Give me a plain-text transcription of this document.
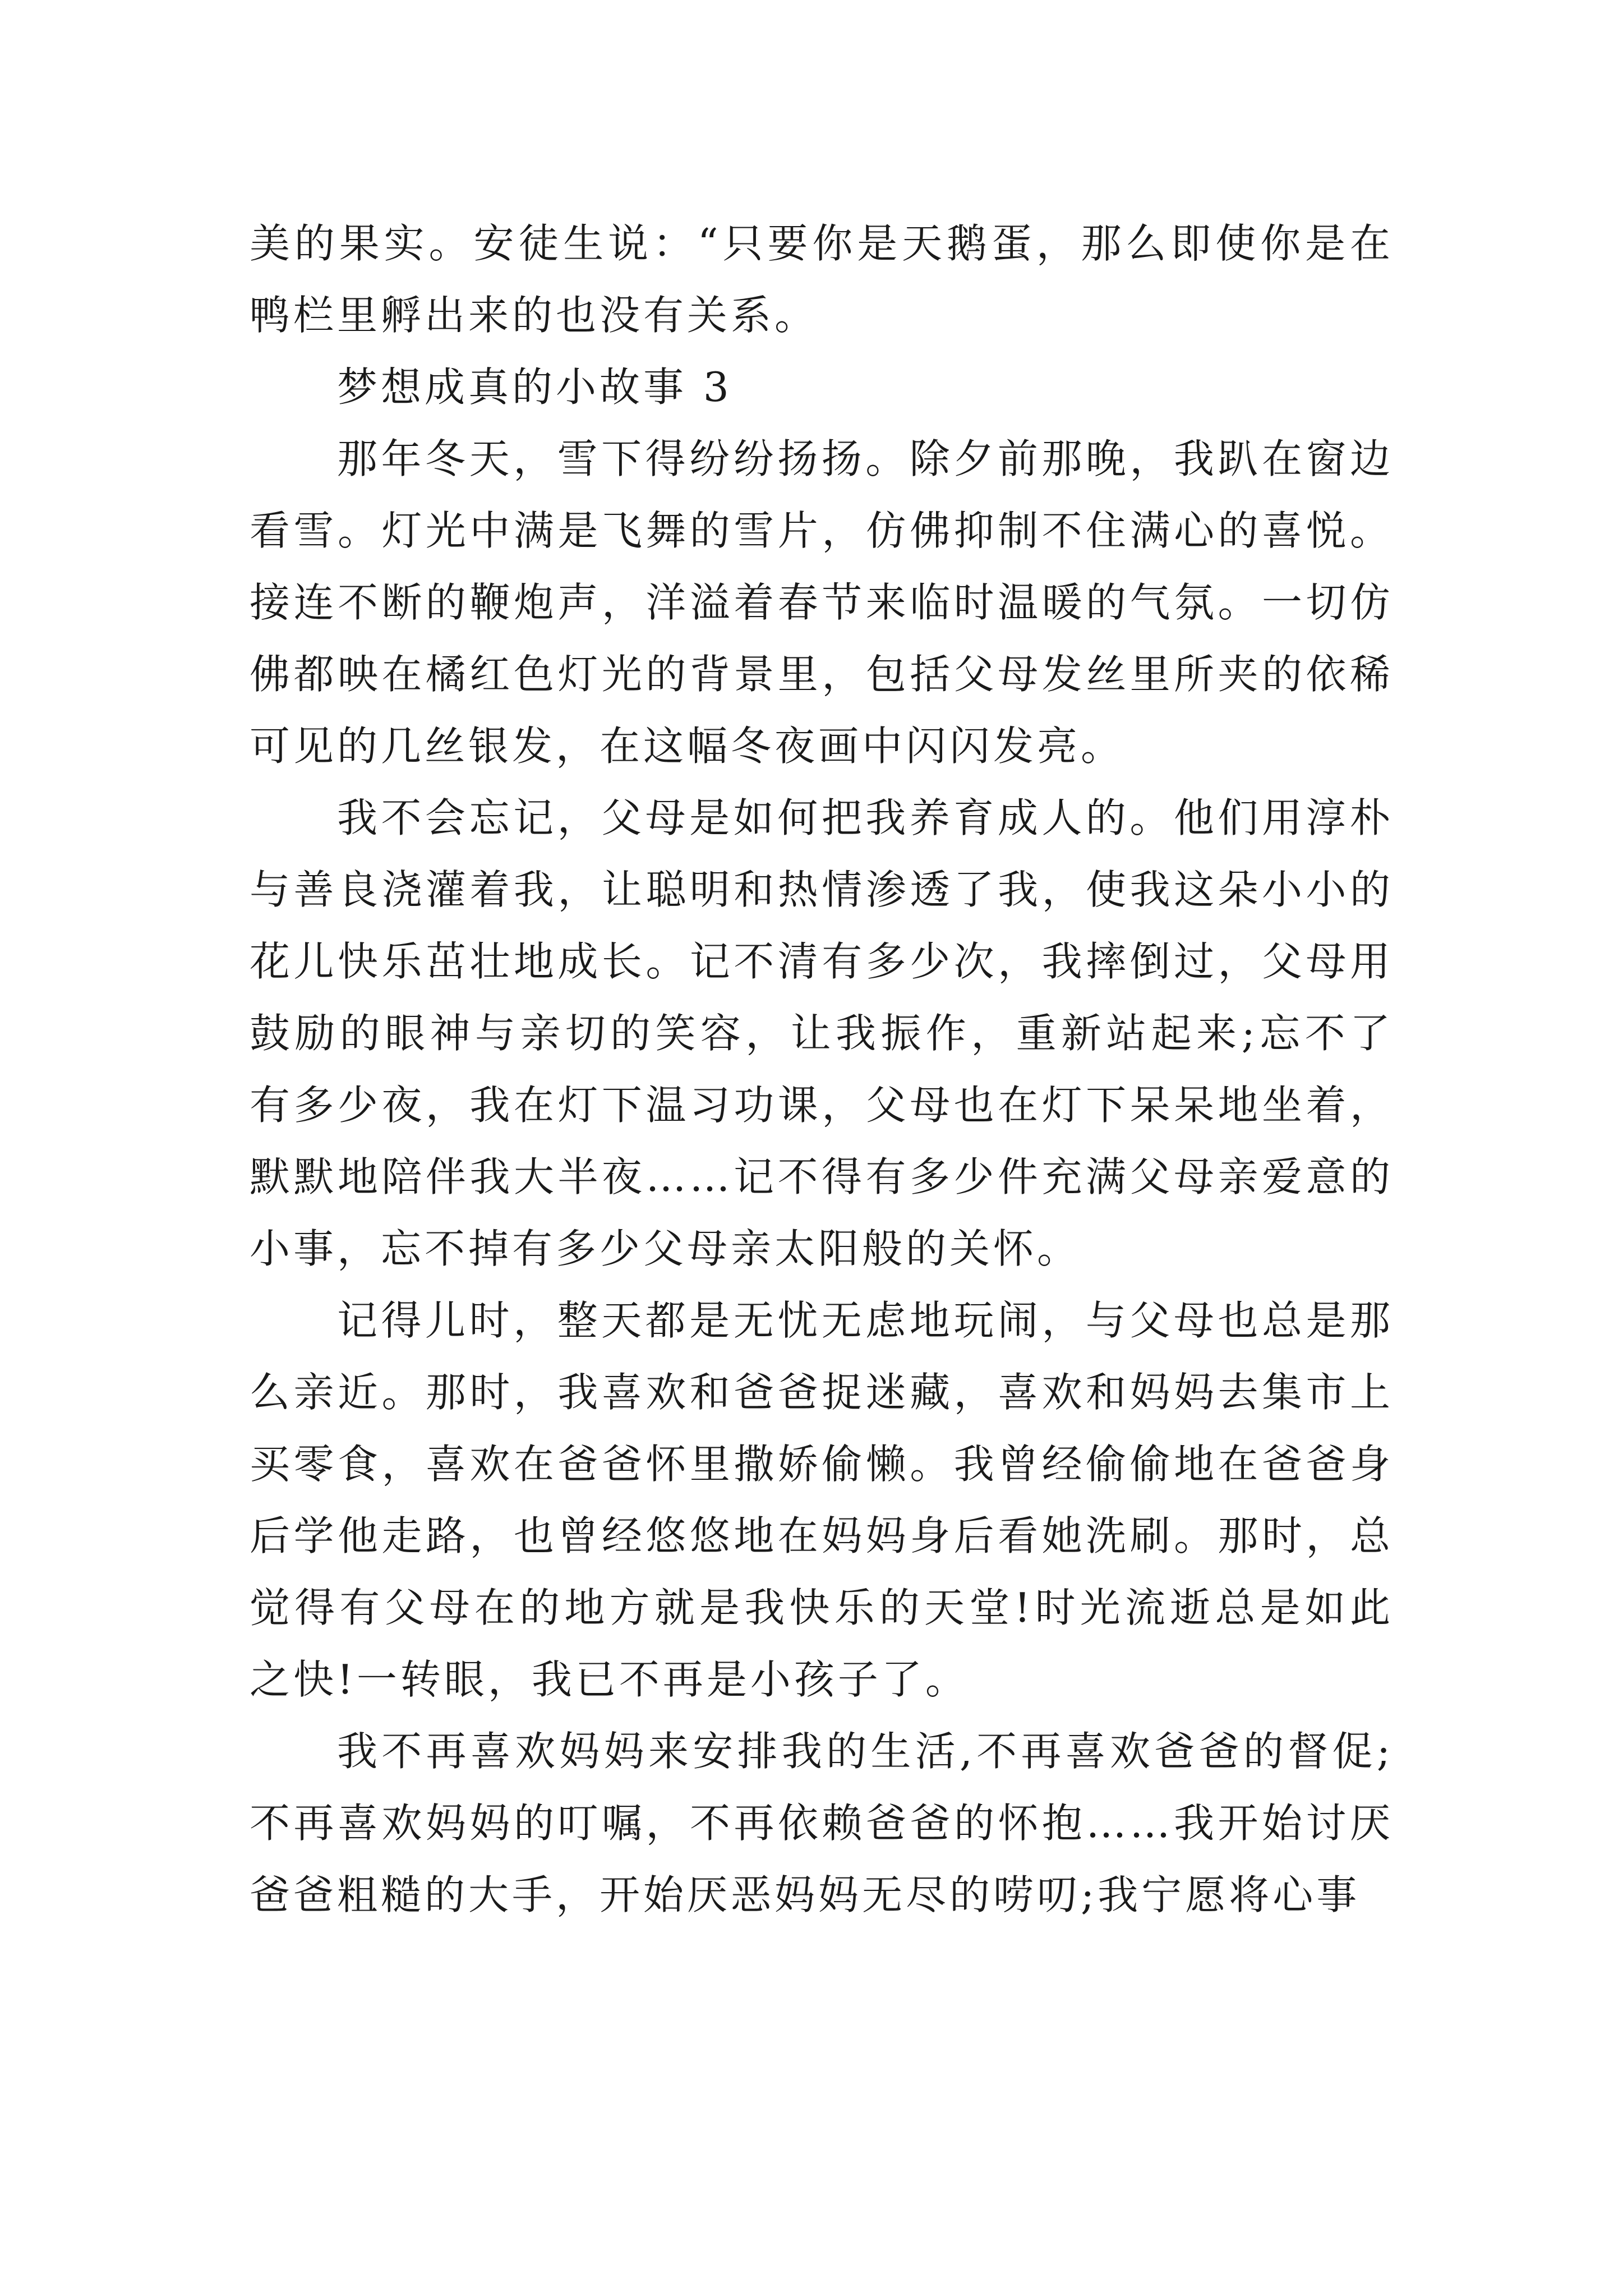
美的果实。安徒生说：“只要你是天鹅蛋，那么即使你是在鸭栏里孵出来的也没有关系。

梦想成真的小故事 3

那年冬天，雪下得纷纷扬扬。除夕前那晚，我趴在窗边看雪。灯光中满是飞舞的雪片，仿佛抑制不住满心的喜悦。接连不断的鞭炮声，洋溢着春节来临时温暖的气氛。一切仿佛都映在橘红色灯光的背景里，包括父母发丝里所夹的依稀可见的几丝银发，在这幅冬夜画中闪闪发亮。

我不会忘记，父母是如何把我养育成人的。他们用淳朴与善良浇灌着我，让聪明和热情渗透了我，使我这朵小小的花儿快乐茁壮地成长。记不清有多少次，我摔倒过，父母用鼓励的眼神与亲切的笑容，让我振作，重新站起来;忘不了有多少夜，我在灯下温习功课，父母也在灯下呆呆地坐着，默默地陪伴我大半夜……记不得有多少件充满父母亲爱意的小事，忘不掉有多少父母亲太阳般的关怀。

记得儿时，整天都是无忧无虑地玩闹，与父母也总是那么亲近。那时，我喜欢和爸爸捉迷藏，喜欢和妈妈去集市上买零食，喜欢在爸爸怀里撒娇偷懒。我曾经偷偷地在爸爸身后学他走路，也曾经悠悠地在妈妈身后看她洗刷。那时，总觉得有父母在的地方就是我快乐的天堂!时光流逝总是如此之快!一转眼，我已不再是小孩子了。

我不再喜欢妈妈来安排我的生活,不再喜欢爸爸的督促;不再喜欢妈妈的叮嘱，不再依赖爸爸的怀抱……我开始讨厌爸爸粗糙的大手，开始厌恶妈妈无尽的唠叨;我宁愿将心事
